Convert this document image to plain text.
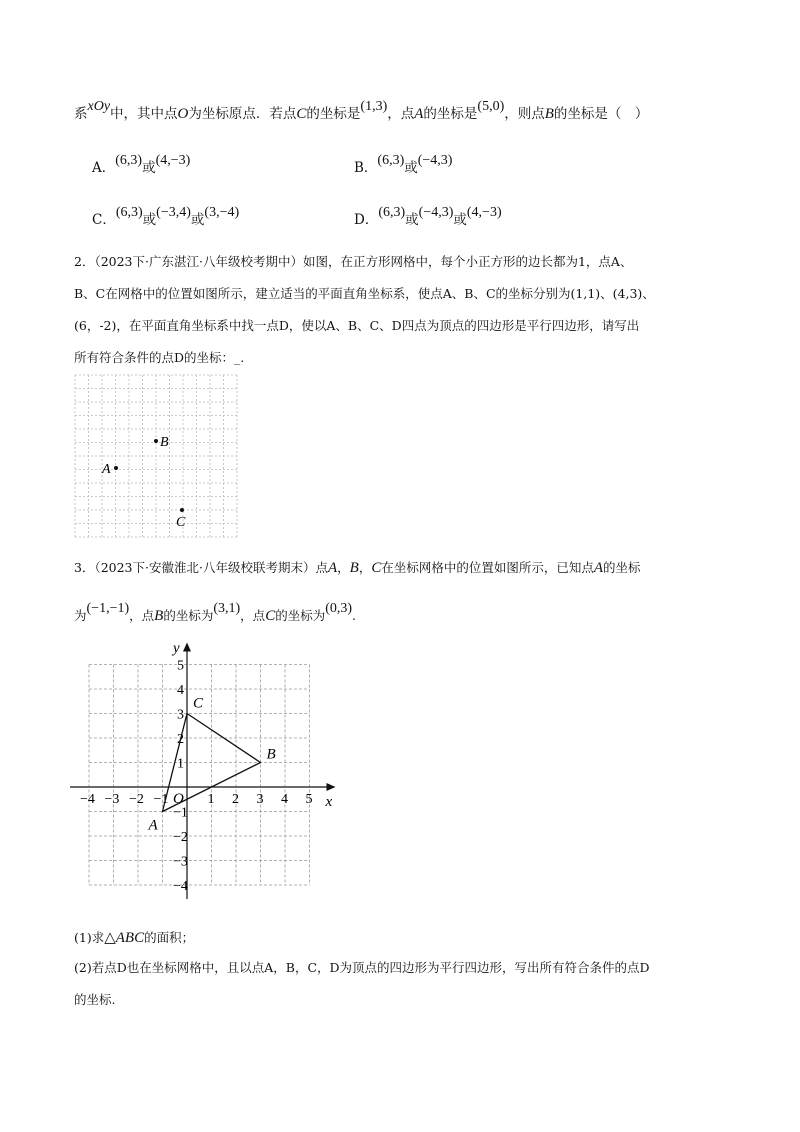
系xOy中，其中点O为坐标原点．若点C的坐标是(1,3)，点A的坐标是(5,0)，则点B的坐标是（　）
A．(6,3)或(4,−3)	B．(6,3)或(−4,3)
C．(6,3)或(−3,4)或(3,−4)	D．(6,3)或(−4,3)或(4,−3)
2．（2023下·广东湛江·八年级校考期中）如图，在正方形网格中，每个小正方形的边长都为1，点A、
B、C在网格中的位置如图所示，建立适当的平面直角坐标系，使点A、B、C的坐标分别为(1,1)、(4,3)、
(6，-2)，在平面直角坐标系中找一点D，使以A、B、C、D四点为顶点的四边形是平行四边形，请写出
所有符合条件的点D的坐标：_.
B
A
C
3．（2023下·安徽淮北·八年级校联考期末）点A，B，C在坐标网格中的位置如图所示，已知点A的坐标
为(−1,−1)，点B的坐标为(3,1)，点C的坐标为(0,3).
x
y
O
−4 −3 −2 −1	1 2 3 4 5
−4
−3
−2
−1
1
2
3
4
5
A
B
C
(1)求△ABC的面积；
(2)若点D也在坐标网格中，且以点A，B，C，D为顶点的四边形为平行四边形，写出所有符合条件的点D
的坐标.
